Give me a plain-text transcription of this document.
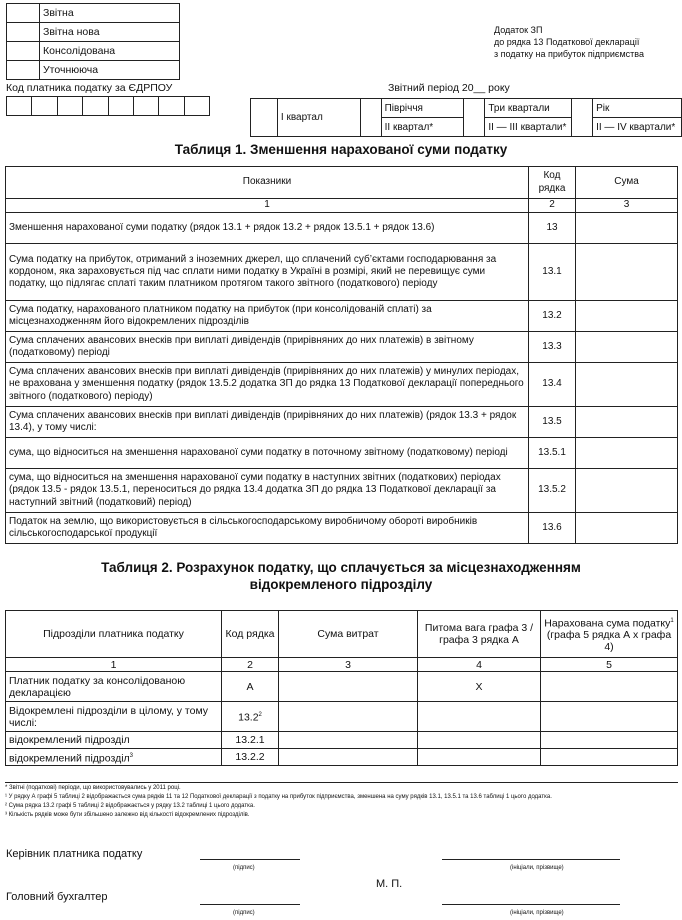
	Звітна
	Звітна нова
	Консолідована
	Уточнююча
Додаток ЗП
до рядка 13 Податкової декларації
з податку на прибуток підприємства
Код платника податку за ЄДРПОУ	Звітний період 20__ року

	І квартал		Півріччя		Три квартали		Рік
			ІІ квартал*		ІІ — ІІІ квартали*		ІІ — ІV квартали*
Таблиця 1. Зменшення нарахованої суми податку
Показники	Код рядка	Сума
1	2	3
Зменшення нарахованої суми податку (рядок 13.1 + рядок 13.2 + рядок 13.5.1 + рядок 13.6)	13	
Сума податку на прибуток, отриманий з іноземних джерел, що сплачений суб’єктами господарювання за кордоном, яка зараховується під час сплати ними податку в Україні в розмірі, який не перевищує суми податку, що підлягає сплаті таким платником протягом такого звітного (податкового) періоду	13.1	
Сума податку, нарахованого платником податку на прибуток (при консолідованій сплаті) за місцезнаходженням його відокремлених підрозділів	13.2	
Сума сплачених авансових внесків при виплаті дивідендів (прирівняних до них платежів) в звітному (податковому) періоді	13.3	
Сума сплачених авансових внесків при виплаті дивідендів (прирівняних до них платежів) у минулих періодах, не врахована у зменшення податку (рядок 13.5.2 додатка ЗП до рядка 13 Податкової декларації попереднього звітного (податкового) періоду)	13.4	
Сума сплачених авансових внесків при виплаті дивідендів (прирівняних до них платежів) (рядок 13.3 + рядок 13.4), у тому числі:	13.5	
сума, що відноситься на зменшення нарахованої суми податку в поточному звітному (податковому) періоді	13.5.1	
сума, що відноситься на зменшення нарахованої суми податку в наступних звітних (податкових) періодах (рядок 13.5 - рядок 13.5.1, переноситься до рядка 13.4 додатка ЗП до рядка 13 Податкової декларації за наступний звітний (податковий) період)	13.5.2	
Податок на землю, що використовується в сільськогосподарському виробничому обороті виробників сільськогосподарської продукції	13.6	
Таблиця 2. Розрахунок податку, що сплачується за місцезнаходженням
відокремленого підрозділу
Підрозділи платника податку	Код рядка	Сума витрат	Питома вага графа 3 / графа 3 рядка А	Нарахована сума податку$^1$ (графа 5 рядка А х графа 4)
1	2	3	4	5
Платник податку за консолідованою декларацією	А		Х	
Відокремлені підрозділи в цілому, у тому числі:	13.2$^2$			
відокремлений підрозділ	13.2.1			
відокремлений підрозділ$^3$	13.2.2			
* Звітні (податкові) періоди, що використовувались у 2011 році.
¹ У рядку А графі 5 таблиці 2 відображається сума рядків 11 та 12 Податкової декларації з податку на прибуток підприємства, зменшена на суму рядків 13.1, 13.5.1 та 13.6 таблиці 1 цього додатка.
² Сума рядка 13.2 графі 5 таблиці 2 відображається у рядку 13.2 таблиці 1 цього додатка.
³ Кількість рядків може бути збільшено залежно від кількості відокремлених підрозділів.
Керівник платника податку
(підпис)	(ініціали, прізвище)
М. П.
Головний бухгалтер
(підпис)	(ініціали, прізвище)
